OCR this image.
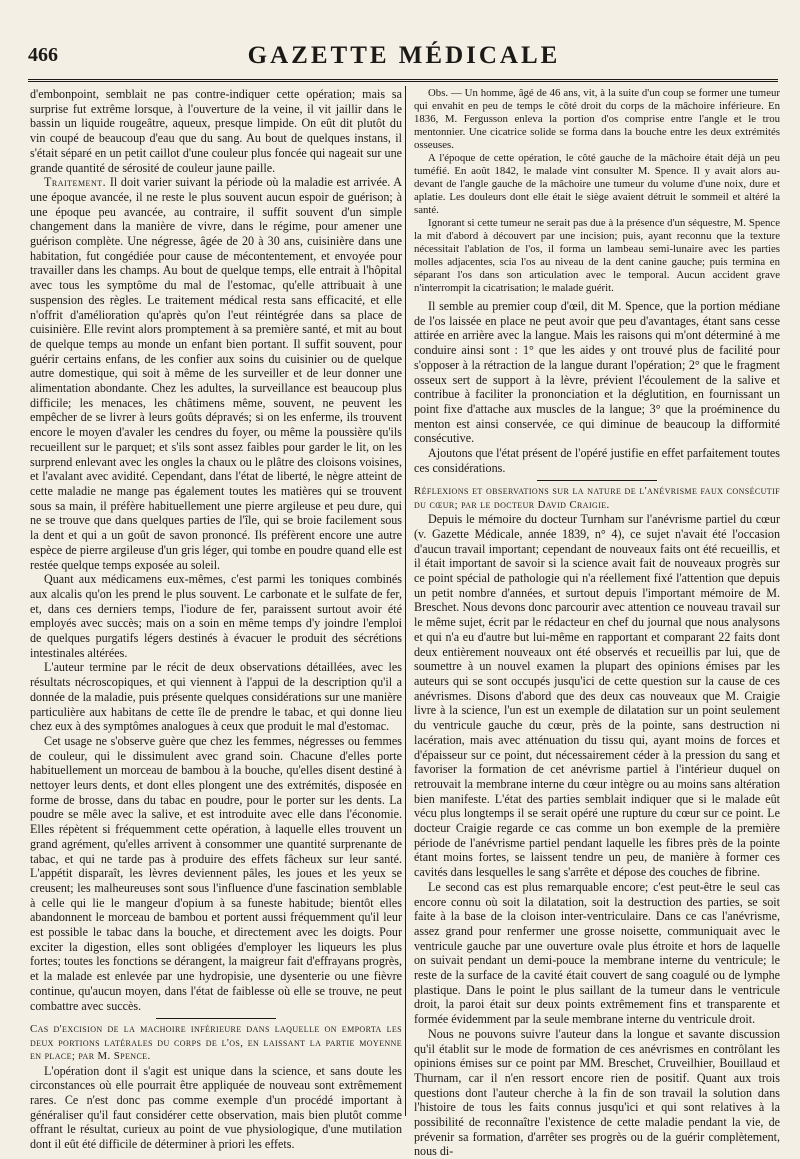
466	GAZETTE MÉDICALE

d'embonpoint, semblait ne pas contre-indiquer cette opération; mais sa surprise fut extrême lorsque, à l'ouverture de la veine, il vit jaillir dans le bassin un liquide rougeâtre, aqueux, presque limpide. On eût dit plutôt du vin coupé de beaucoup d'eau que du sang. Au bout de quelques instans, il s'était séparé en un petit caillot d'une couleur plus foncée qui nageait sur une grande quantité de sérosité de couleur jaune paille.

Traitement. Il doit varier suivant la période où la maladie est arrivée. A une époque avancée, il ne reste le plus souvent aucun espoir de guérison; à une époque peu avancée, au contraire, il suffit souvent d'un simple changement dans la manière de vivre, dans le régime, pour amener une guérison complète. Une négresse, âgée de 20 à 30 ans, cuisinière dans une habitation, fut congédiée pour cause de mécontentement, et envoyée pour travailler dans les champs. Au bout de quelque temps, elle entrait à l'hôpital avec tous les symptôme du mal de l'estomac, qu'elle attribuait à une suspension des règles. Le traitement médical resta sans efficacité, et elle n'offrit d'amélioration qu'après qu'on l'eut réintégrée dans sa place de cuisinière. Elle revint alors promptement à sa première santé, et mit au bout de quelque temps au monde un enfant bien portant. Il suffit souvent, pour guérir certains enfans, de les confier aux soins du cuisinier ou de quelque autre domestique, qui soit à même de les surveiller et de leur donner une alimentation abondante. Chez les adultes, la surveillance est beaucoup plus difficile; les menaces, les châtimens même, souvent, ne peuvent les empêcher de se livrer à leurs goûts dépravés; si on les enferme, ils trouvent encore le moyen d'avaler les cendres du foyer, ou même la poussière qu'ils recueillent sur le parquet; et s'ils sont assez faibles pour garder le lit, on les surprend enlevant avec les ongles la chaux ou le plâtre des cloisons voisines, et l'avalant avec avidité. Cependant, dans l'état de liberté, le nègre atteint de cette maladie ne mange pas également toutes les matières qui se trouvent sous sa main, il préfère habituellement une pierre argileuse et peu dure, qui ne se trouve que dans quelques parties de l'île, qui se broie facilement sous la dent et qui a un goût de savon prononcé. Ils préfèrent encore une autre espèce de pierre argileuse d'un gris léger, qui tombe en poudre quand elle est restée quelque temps exposée au soleil.

Quant aux médicamens eux-mêmes, c'est parmi les toniques combinés aux alcalis qu'on les prend le plus souvent. Le carbonate et le sulfate de fer, et, dans ces derniers temps, l'iodure de fer, paraissent surtout avoir été employés avec succès; mais on a soin en même temps d'y joindre l'emploi de quelques purgatifs légers destinés à évacuer le produit des sécrétions intestinales altérées.

L'auteur termine par le récit de deux observations détaillées, avec les résultats nécroscopiques, et qui viennent à l'appui de la description qu'il a donnée de la maladie, puis présente quelques considérations sur une manière particulière aux habitans de cette île de prendre le tabac, et qui donne lieu chez eux à des symptômes analogues à ceux que produit le mal d'estomac.

Cet usage ne s'observe guère que chez les femmes, négresses ou femmes de couleur, qui le dissimulent avec grand soin. Chacune d'elles porte habituellement un morceau de bambou à la bouche, qu'elles disent destiné à nettoyer leurs dents, et dont elles plongent une des extrémités, disposée en forme de brosse, dans du tabac en poudre, pour le porter sur les dents. La poudre se mêle avec la salive, et est introduite avec elle dans l'économie. Elles répètent si fréquemment cette opération, à laquelle elles trouvent un grand agrément, qu'elles arrivent à consommer une quantité surprenante de tabac, et qui ne tarde pas à produire des effets fâcheux sur leur santé. L'appétit disparaît, les lèvres deviennent pâles, les joues et les yeux se creusent; les malheureuses sont sous l'influence d'une fascination semblable à celle qui lie le mangeur d'opium à sa funeste habitude; bientôt elles abandonnent le morceau de bambou et portent aussi fréquemment qu'il leur est possible le tabac dans la bouche, et directement avec les doigts. Pour exciter la digestion, elles sont obligées d'employer les liqueurs les plus fortes; toutes les fonctions se dérangent, la maigreur fait d'effrayans progrès, et la malade est enlevée par une hydropisie, une dysenterie ou une fièvre continue, qu'aucun moyen, dans l'état de faiblesse où elle se trouve, ne peut combattre avec succès.

Cas d'excision de la machoire inférieure dans laquelle on emporta les deux portions latérales du corps de l'os, en laissant la partie moyenne en place; par M. Spence.

L'opération dont il s'agit est unique dans la science, et sans doute les circonstances où elle pourrait être appliquée de nouveau sont extrêmement rares. Ce n'est donc pas comme exemple d'un procédé important à généraliser qu'il faut considérer cette observation, mais bien plutôt comme offrant le résultat, curieux au point de vue physiologique, d'une mutilation dont il eût été difficile de déterminer à priori les effets.

Obs. — Un homme, âgé de 46 ans, vit, à la suite d'un coup se former une tumeur qui envahit en peu de temps le côté droit du corps de la mâchoire inférieure. En 1836, M. Fergusson enleva la portion d'os comprise entre l'angle et le trou mentonnier. Une cicatrice solide se forma dans la bouche entre les deux extrémités osseuses.

A l'époque de cette opération, le côté gauche de la mâchoire était déjà un peu tuméfié. En août 1842, le malade vint consulter M. Spence. Il y avait alors au-devant de l'angle gauche de la mâchoire une tumeur du volume d'une noix, dure et aplatie. Les douleurs dont elle était le siège avaient détruit le sommeil et altéré la santé.

Ignorant si cette tumeur ne serait pas due à la présence d'un séquestre, M. Spence la mit d'abord à découvert par une incision; puis, ayant reconnu que la texture nécessitait l'ablation de l'os, il forma un lambeau semi-lunaire avec les parties molles adjacentes, scia l'os au niveau de la dent canine gauche; puis termina en séparant l'os dans son articulation avec le temporal. Aucun accident grave n'interrompit la cicatrisation; le malade guérit.

Il semble au premier coup d'œil, dit M. Spence, que la portion médiane de l'os laissée en place ne peut avoir que peu d'avantages, étant sans cesse attirée en arrière avec la langue. Mais les raisons qui m'ont déterminé à me conduire ainsi sont : 1° que les aides y ont trouvé plus de facilité pour s'opposer à la rétraction de la langue durant l'opération; 2° que le fragment osseux sert de support à la lèvre, prévient l'écoulement de la salive et contribue à faciliter la prononciation et la déglutition, en fournissant un point fixe d'attache aux muscles de la langue; 3° que la proéminence du menton est ainsi conservée, ce qui diminue de beaucoup la difformité consécutive.

Ajoutons que l'état présent de l'opéré justifie en effet parfaitement toutes ces considérations.

Réflexions et observations sur la nature de l'anévrisme faux consécutif du cœur; par le docteur David Craigie.

Depuis le mémoire du docteur Turnham sur l'anévrisme partiel du cœur (v. Gazette Médicale, année 1839, n° 4), ce sujet n'avait été l'occasion d'aucun travail important; cependant de nouveaux faits ont été recueillis, et il était important de savoir si la science avait fait de nouveaux progrès sur ce point spécial de pathologie qui n'a réellement fixé l'attention que depuis un petit nombre d'années, et surtout depuis l'important mémoire de M. Breschet. Nous devons donc parcourir avec attention ce nouveau travail sur le même sujet, écrit par le rédacteur en chef du journal que nous analysons et qui n'a eu d'autre but lui-même en rapportant et comparant 22 faits dont deux entièrement nouveaux ont été observés et recueillis par lui, que de soumettre à un nouvel examen la plupart des opinions émises par les auteurs qui se sont occupés jusqu'ici de cette question sur la cause de ces anévrismes. Disons d'abord que des deux cas nouveaux que M. Craigie livre à la science, l'un est un exemple de dilatation sur un point seulement du ventricule gauche du cœur, près de la pointe, sans destruction ni lacération, mais avec atténuation du tissu qui, ayant moins de forces et d'épaisseur sur ce point, dut nécessairement céder à la pression du sang et favoriser la formation de cet anévrisme partiel à l'intérieur duquel on retrouvait la membrane interne du cœur intègre ou au moins sans altération bien manifeste. L'état des parties semblait indiquer que si le malade eût vécu plus longtemps il se serait opéré une rupture du cœur sur ce point. Le docteur Craigie regarde ce cas comme un bon exemple de la première période de l'anévrisme partiel pendant laquelle les fibres près de la pointe étant moins fortes, se laissent tendre un peu, de manière à former ces cavités dans lesquelles le sang s'arrête et dépose des couches de fibrine.

Le second cas est plus remarquable encore; c'est peut-être le seul cas encore connu où soit la dilatation, soit la destruction des parties, se soit faite à la base de la cloison inter-ventriculaire. Dans ce cas l'anévrisme, assez grand pour renfermer une grosse noisette, communiquait avec le ventricule gauche par une ouverture ovale plus étroite et hors de laquelle on suivait pendant un demi-pouce la membrane interne du ventricule; le reste de la surface de la cavité était couvert de sang coagulé ou de lymphe plastique. Dans le point le plus saillant de la tumeur dans le ventricule droit, la paroi était sur deux points extrêmement fins et transparente et formée évidemment par la seule membrane interne du ventricule droit.

Nous ne pouvons suivre l'auteur dans la longue et savante discussion qu'il établit sur le mode de formation de ces anévrismes en contrôlant les opinions émises sur ce point par MM. Breschet, Cruveilhier, Bouillaud et Thurnam, car il n'en ressort encore rien de positif. Quant aux trois questions dont l'auteur cherche à la fin de son travail la solution dans l'histoire de tous les faits connus jusqu'ici et qui sont relatives à la possibilité de reconnaître l'existence de cette maladie pendant la vie, de prévenir sa formation, d'arrêter ses progrès ou de la guérir complètement, nous di-
